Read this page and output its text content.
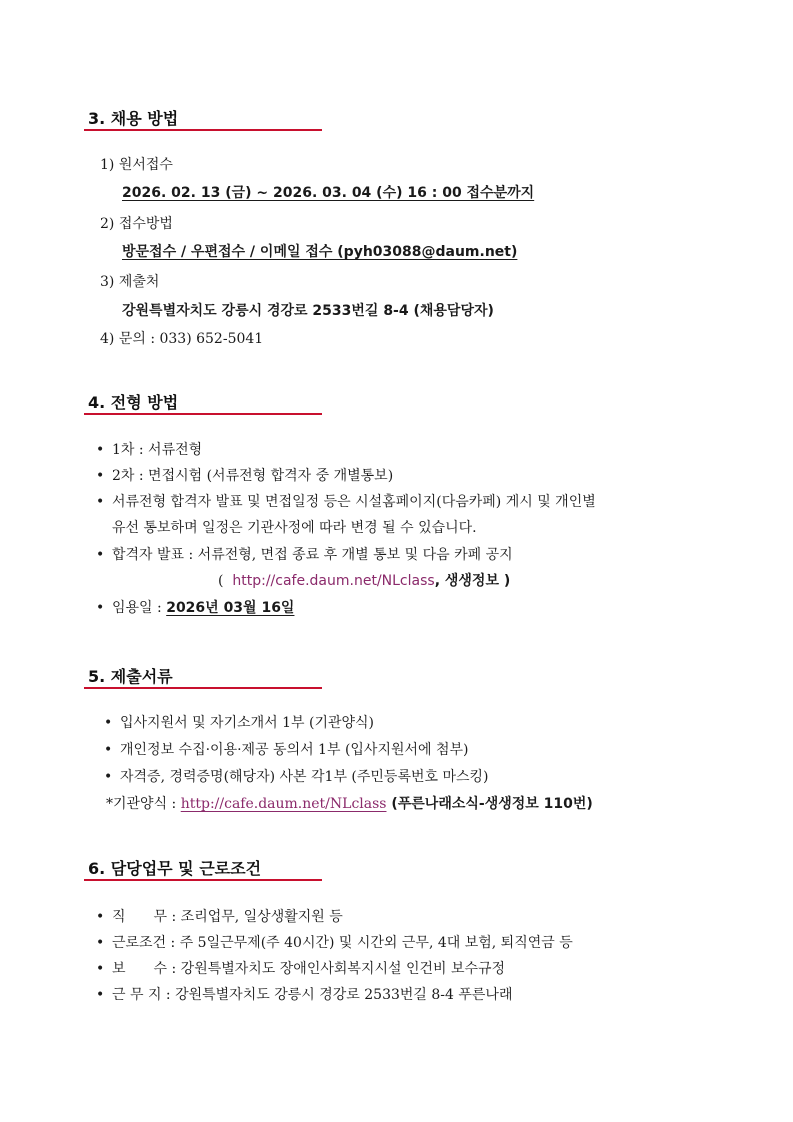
3. 채용 방법
1) 원서접수
2026. 02. 13 (금) ~ 2026. 03. 04 (수) 16 : 00 접수분까지
2) 접수방법
방문접수 / 우편접수 / 이메일 접수 (pyh03088@daum.net)
3) 제출처
강원특별자치도 강릉시 경강로 2533번길 8-4 (채용담당자)
4) 문의 : 033) 652-5041
4. 전형 방법
• 1차 : 서류전형
• 2차 : 면접시험 (서류전형 합격자 중 개별통보)
• 서류전형 합격자 발표 및 면접일정 등은 시설홈페이지(다음카페) 게시 및 개인별
유선 통보하며 일정은 기관사정에 따라 변경 될 수 있습니다.
• 합격자 발표 : 서류전형, 면접 종료 후 개별 통보 및 다음 카페 공지
( http://cafe.daum.net/NLclass, 생생정보 )
• 임용일 : 2026년 03월 16일
5. 제출서류
• 입사지원서 및 자기소개서 1부 (기관양식)
• 개인정보 수집·이용·제공 동의서 1부 (입사지원서에 첨부)
• 자격증, 경력증명(해당자) 사본 각1부 (주민등록번호 마스킹)
*기관양식 : http://cafe.daum.net/NLclass (푸른나래소식-생생정보 110번)
6. 담당업무 및 근로조건
• 직　　무 : 조리업무, 일상생활지원 등
• 근로조건 : 주 5일근무제(주 40시간) 및 시간외 근무, 4대 보험, 퇴직연금 등
• 보　　수 : 강원특별자치도 장애인사회복지시설 인건비 보수규정
• 근 무 지 : 강원특별자치도 강릉시 경강로 2533번길 8-4 푸른나래
